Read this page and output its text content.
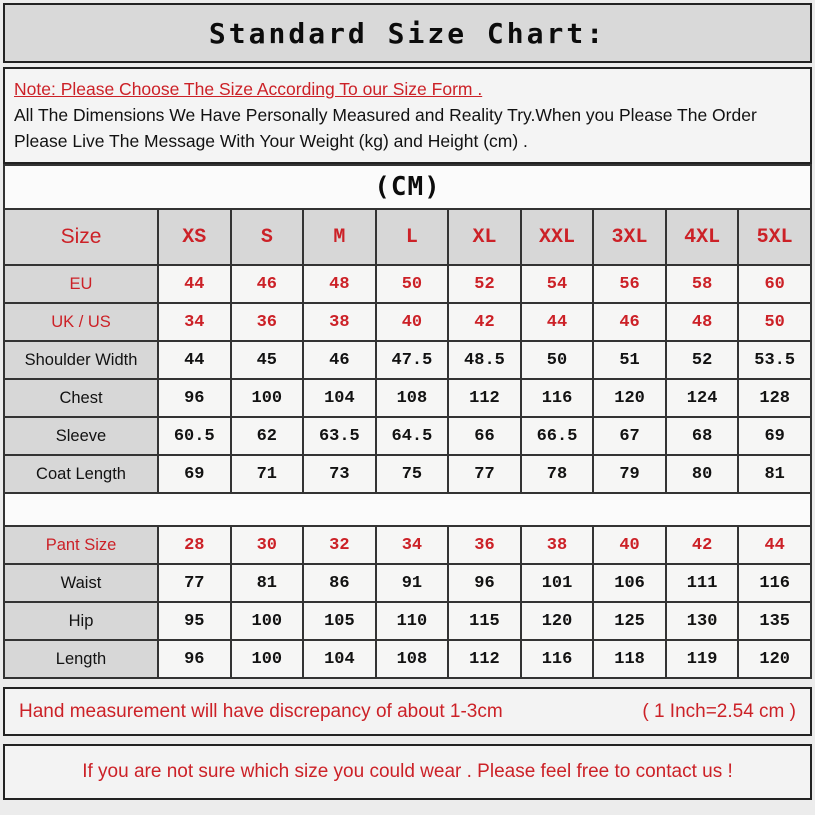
Standard Size Chart:
Note: Please Choose The Size According To our Size Form .
All The Dimensions We Have Personally Measured and Reality Try.When you Please The Order
Please Live The Message With Your Weight (kg) and Height (cm) .
(CM)									
Size	XS	S	M	L	XL	XXL	3XL	4XL	5XL
EU	44	46	48	50	52	54	56	58	60
UK / US	34	36	38	40	42	44	46	48	50
Shoulder Width	44	45	46	47.5	48.5	50	51	52	53.5
Chest	96	100	104	108	112	116	120	124	128
Sleeve	60.5	62	63.5	64.5	66	66.5	67	68	69
Coat Length	69	71	73	75	77	78	79	80	81

Pant Size	28	30	32	34	36	38	40	42	44
Waist	77	81	86	91	96	101	106	111	116
Hip	95	100	105	110	115	120	125	130	135
Length	96	100	104	108	112	116	118	119	120
Hand measurement will have discrepancy of about 1-3cm	( 1 Inch=2.54 cm )
If you are not sure which size you could wear . Please feel free to contact us !
